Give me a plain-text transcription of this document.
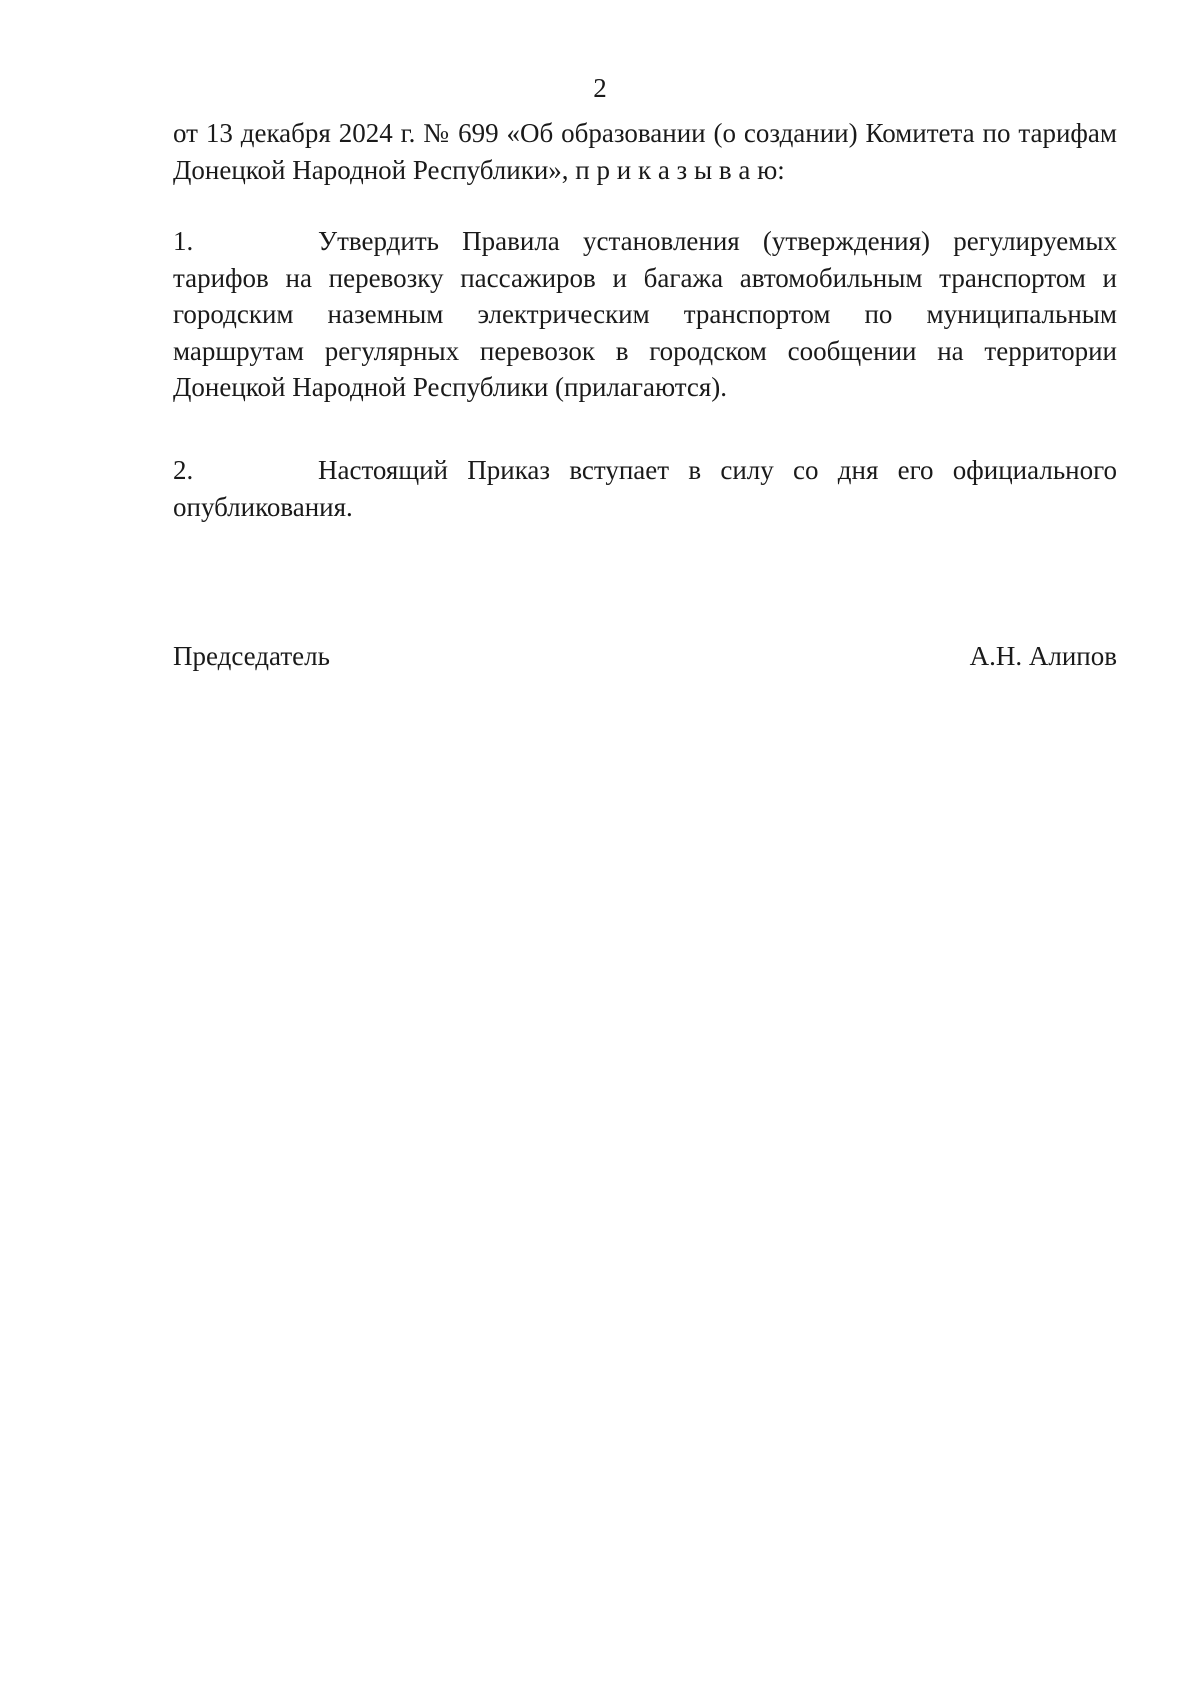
2
от 13 декабря 2024 г. № 699 «Об образовании (о создании) Комитета по тарифам Донецкой Народной Республики», п р и к а з ы в а ю:
1.	Утвердить Правила установления (утверждения) регулируемых тарифов на перевозку пассажиров и багажа автомобильным транспортом и городским наземным электрическим транспортом по муниципальным маршрутам регулярных перевозок в городском сообщении на территории Донецкой Народной Республики (прилагаются).
2.	Настоящий Приказ вступает в силу со дня его официального опубликования.
Председатель	А.Н. Алипов
